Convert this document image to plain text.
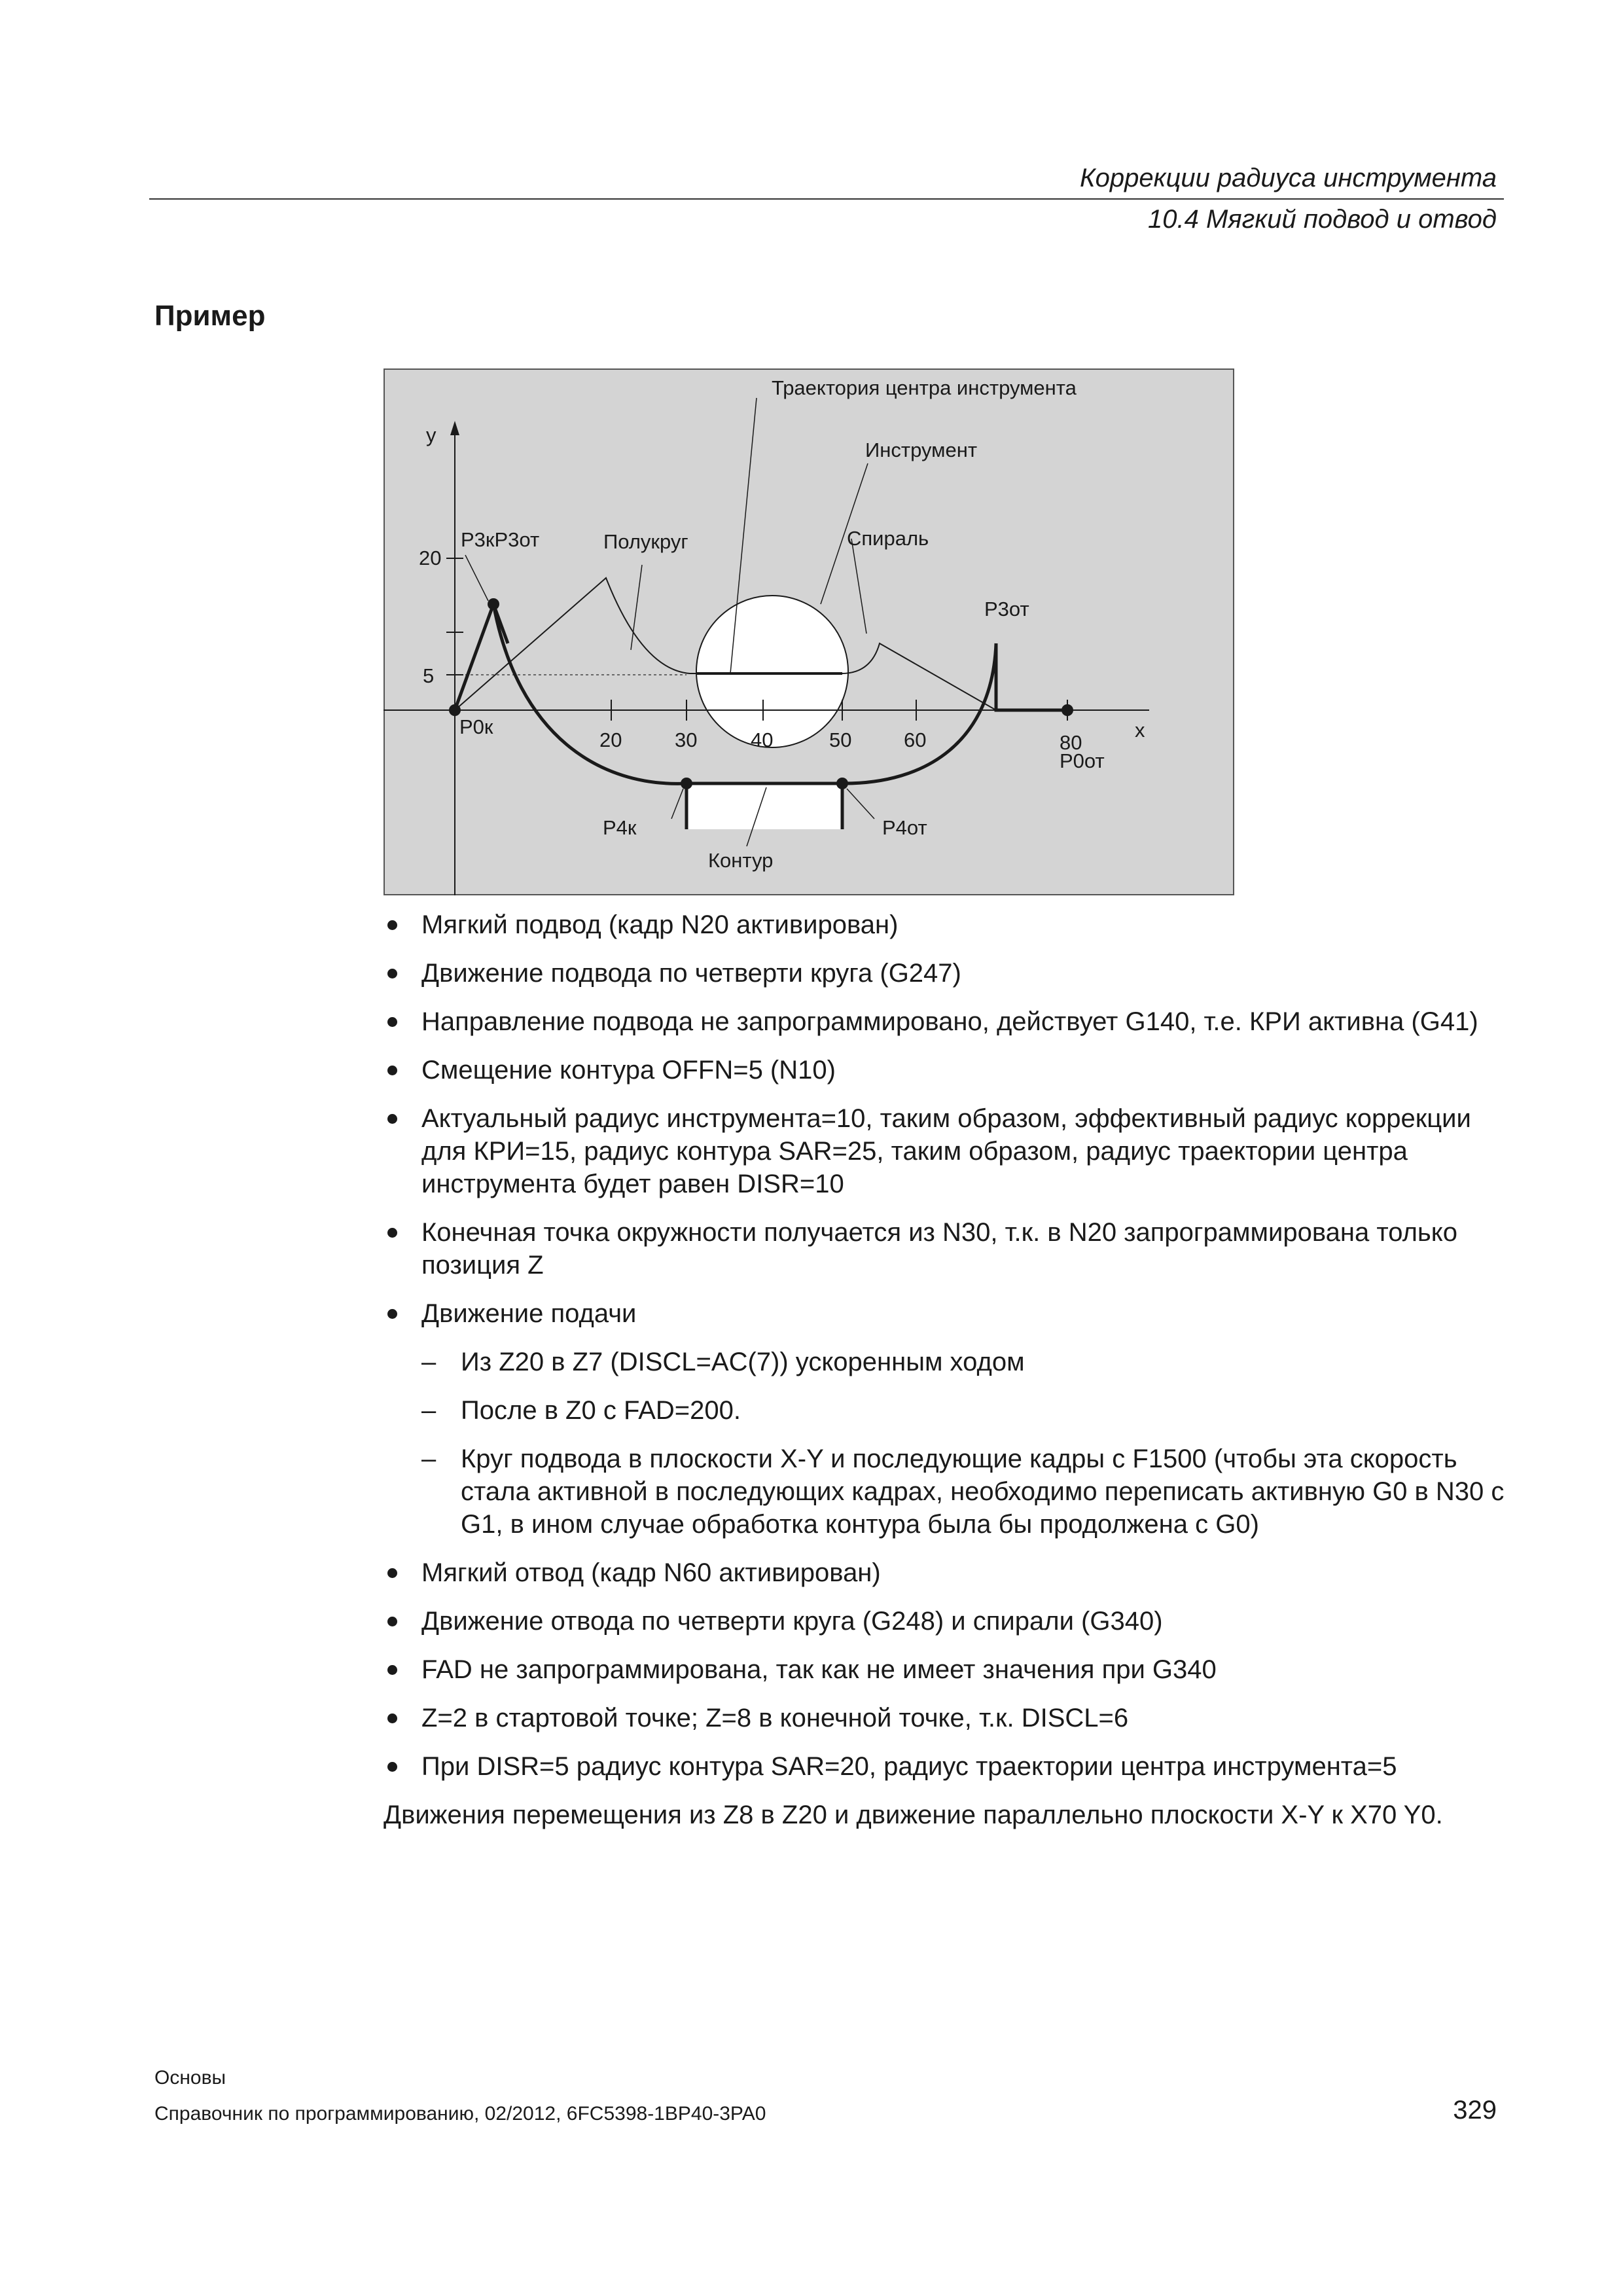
Коррекции радиуса инструмента
10.4 Мягкий подвод и отвод
Пример
Траектория центра инструмента
Инструмент
Полукруг	Спираль
Р3кР3от
Р3от
Р0к
Р0от
Р4к	Р4от
Контур
y
x
20
5
20	30	40	50	60	80
Мягкий подвод (кадр N20 активирован)
Движение подвода по четверти круга (G247)
Направление подвода не запрограммировано, действует G140, т.е. КРИ активна (G41)
Смещение контура OFFN=5 (N10)
Актуальный радиус инструмента=10, таким образом, эффективный радиус коррекции для КРИ=15, радиус контура SAR=25, таким образом, радиус траектории центра инструмента будет равен DISR=10
Конечная точка окружности получается из N30, т.к. в N20 запрограммирована только позиция Z
Движение подачи
– Из Z20 в Z7 (DISCL=AC(7)) ускоренным ходом
– После в Z0 с FAD=200.
– Круг подвода в плоскости X-Y и последующие кадры с F1500 (чтобы эта скорость стала активной в последующих кадрах, необходимо переписать активную G0 в N30 с G1, в ином случае обработка контура была бы продолжена с G0)
Мягкий отвод (кадр N60 активирован)
Движение отвода по четверти круга (G248) и спирали (G340)
FAD не запрограммирована, так как не имеет значения при G340
Z=2 в стартовой точке; Z=8 в конечной точке, т.к. DISCL=6
При DISR=5 радиус контура SAR=20, радиус траектории центра инструмента=5
Движения перемещения из Z8 в Z20 и движение параллельно плоскости X-Y к X70 Y0.
Основы
Справочник по программированию, 02/2012, 6FC5398-1BP40-3PA0	329
